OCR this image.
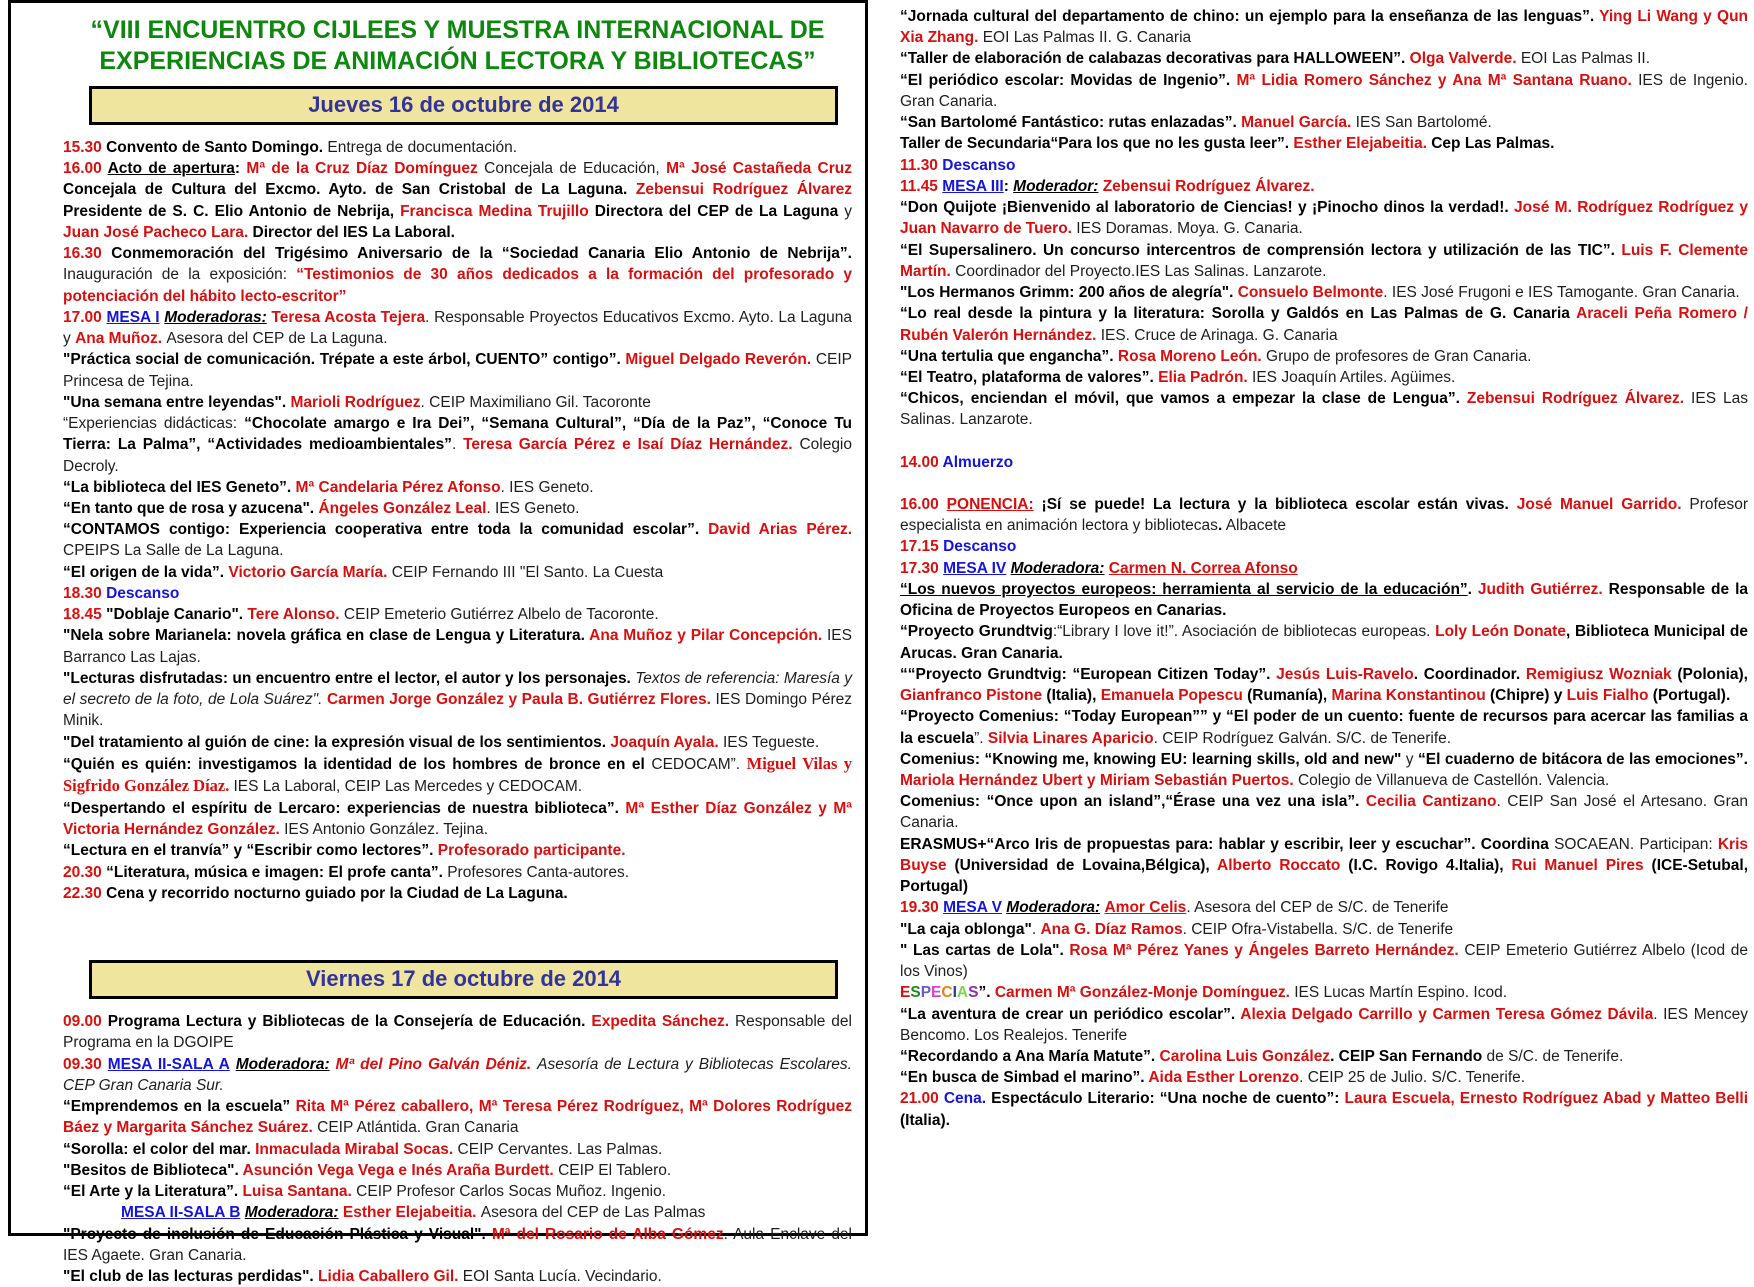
“VIII ENCUENTRO CIJLEES Y MUESTRA INTERNACIONAL DE
EXPERIENCIAS DE ANIMACIÓN LECTORA Y BIBLIOTECAS”
Jueves 16 de octubre de 2014
15.30 Convento de Santo Domingo. Entrega de documentación.
16.00 Acto de apertura: Mª de la Cruz Díaz Domínguez Concejala de Educación, Mª José Castañeda Cruz Concejala de Cultura del Excmo. Ayto. de San Cristobal de La Laguna. Zebensui Rodríguez Álvarez Presidente de S. C. Elio Antonio de Nebrija, Francisca Medina Trujillo Directora del CEP de La Laguna y Juan José Pacheco Lara. Director del IES La Laboral.
16.30 Conmemoración del Trigésimo Aniversario de la “Sociedad Canaria Elio Antonio de Nebrija”. Inauguración de la exposición: “Testimonios de 30 años dedicados a la formación del profesorado y potenciación del hábito lecto-escritor”
17.00 MESA I Moderadoras: Teresa Acosta Tejera. Responsable Proyectos Educativos Excmo. Ayto. La Laguna y Ana Muñoz. Asesora del CEP de La Laguna.
"Práctica social de comunicación. Trépate a este árbol, CUENTO” contigo”. Miguel Delgado Reverón. CEIP Princesa de Tejina.
"Una semana entre leyendas". Marioli Rodríguez. CEIP Maximiliano Gil. Tacoronte
“Experiencias didácticas: “Chocolate amargo e Ira Dei”, “Semana Cultural”, “Día de la Paz”, “Conoce Tu Tierra: La Palma”, “Actividades medioambientales”. Teresa García Pérez e Isaí Díaz Hernández. Colegio Decroly.
“La biblioteca del IES Geneto”. Mª Candelaria Pérez Afonso. IES Geneto.
“En tanto que de rosa y azucena". Ángeles González Leal. IES Geneto.
“CONTAMOS contigo: Experiencia cooperativa entre toda la comunidad escolar”. David Arias Pérez. CPEIPS La Salle de La Laguna.
“El origen de la vida”. Victorio García María. CEIP Fernando III "El Santo. La Cuesta
18.30 Descanso
18.45 "Doblaje Canario". Tere Alonso. CEIP Emeterio Gutiérrez Albelo de Tacoronte.
"Nela sobre Marianela: novela gráfica en clase de Lengua y Literatura. Ana Muñoz y Pilar Concepción. IES Barranco Las Lajas.
"Lecturas disfrutadas: un encuentro entre el lector, el autor y los personajes. Textos de referencia: Maresía y el secreto de la foto, de Lola Suárez". Carmen Jorge González y Paula B. Gutiérrez Flores. IES Domingo Pérez Minik.
"Del tratamiento al guión de cine: la expresión visual de los sentimientos. Joaquín Ayala. IES Tegueste.
“Quién es quién: investigamos la identidad de los hombres de bronce en el CEDOCAM”. Miguel Vilas y Sigfrido González Díaz. IES La Laboral, CEIP Las Mercedes y CEDOCAM.
“Despertando el espíritu de Lercaro: experiencias de nuestra biblioteca”. Mª Esther Díaz González y Mª Victoria Hernández González. IES Antonio González. Tejina.
“Lectura en el tranvía” y “Escribir como lectores”. Profesorado participante.
20.30 “Literatura, música e imagen: El profe canta”. Profesores Canta-autores.
22.30 Cena y recorrido nocturno guiado por la Ciudad de La Laguna.
Viernes 17 de octubre de 2014
09.00 Programa Lectura y Bibliotecas de la Consejería de Educación. Expedita Sánchez. Responsable del Programa en la DGOIPE
09.30 MESA II-SALA A Moderadora: Mª del Pino Galván Déniz. Asesoría de Lectura y Bibliotecas Escolares. CEP Gran Canaria Sur.
“Emprendemos en la escuela” Rita Mª Pérez caballero, Mª Teresa Pérez Rodríguez, Mª Dolores Rodríguez Báez y Margarita Sánchez Suárez. CEIP Atlántida. Gran Canaria
“Sorolla: el color del mar. Inmaculada Mirabal Socas. CEIP Cervantes. Las Palmas.
"Besitos de Biblioteca". Asunción Vega Vega e Inés Araña Burdett. CEIP El Tablero.
“El Arte y la Literatura”. Luisa Santana. CEIP Profesor Carlos Socas Muñoz. Ingenio.
MESA II-SALA B Moderadora: Esther Elejabeitia. Asesora del CEP de Las Palmas
"Proyecto de inclusión de Educación Plástica y Visual". Mª del Rosario de Alba Gómez. Aula Enclave del IES Agaete. Gran Canaria.
"El club de las lecturas perdidas". Lidia Caballero Gil. EOI Santa Lucía. Vecindario.
“Jornada cultural del departamento de chino: un ejemplo para la enseñanza de las lenguas”. Ying Li Wang y Qun Xia Zhang. EOI Las Palmas II. G. Canaria
“Taller de elaboración de calabazas decorativas para HALLOWEEN”. Olga Valverde. EOI Las Palmas II.
“El periódico escolar: Movidas de Ingenio”. Mª Lidia Romero Sánchez y Ana Mª Santana Ruano. IES de Ingenio. Gran Canaria.
“San Bartolomé Fantástico: rutas enlazadas”. Manuel García. IES San Bartolomé.
Taller de Secundaria“Para los que no les gusta leer”. Esther Elejabeitia. Cep Las Palmas.
11.30 Descanso
11.45 MESA III: Moderador: Zebensui Rodríguez Álvarez.
“Don Quijote ¡Bienvenido al laboratorio de Ciencias! y ¡Pinocho dinos la verdad!. José M. Rodríguez Rodríguez y Juan Navarro de Tuero. IES Doramas. Moya. G. Canaria.
“El Supersalinero. Un concurso intercentros de comprensión lectora y utilización de las TIC”. Luis F. Clemente Martín. Coordinador del Proyecto.IES Las Salinas. Lanzarote.
"Los Hermanos Grimm: 200 años de alegría". Consuelo Belmonte. IES José Frugoni e IES Tamogante. Gran Canaria.
“Lo real desde la pintura y la literatura: Sorolla y Galdós en Las Palmas de G. Canaria Araceli Peña Romero / Rubén Valerón Hernández. IES. Cruce de Arinaga. G. Canaria
“Una tertulia que engancha”. Rosa Moreno León. Grupo de profesores de Gran Canaria.
“El Teatro, plataforma de valores”. Elia Padrón. IES Joaquín Artiles. Agüimes.
“Chicos, enciendan el móvil, que vamos a empezar la clase de Lengua”. Zebensui Rodríguez Álvarez. IES Las Salinas. Lanzarote.
14.00 Almuerzo
16.00 PONENCIA: ¡Sí se puede! La lectura y la biblioteca escolar están vivas. José Manuel Garrido. Profesor especialista en animación lectora y bibliotecas. Albacete
17.15 Descanso
17.30 MESA IV Moderadora: Carmen N. Correa Afonso
“Los nuevos proyectos europeos: herramienta al servicio de la educación”. Judith Gutiérrez. Responsable de la Oficina de Proyectos Europeos en Canarias.
“Proyecto Grundtvig:“Library I love it!”. Asociación de bibliotecas europeas. Loly León Donate, Biblioteca Municipal de Arucas. Gran Canaria.
““Proyecto Grundtvig: “European Citizen Today”. Jesús Luis-Ravelo. Coordinador. Remigiusz Wozniak (Polonia), Gianfranco Pistone (Italia), Emanuela Popescu (Rumanía), Marina Konstantinou (Chipre) y Luis Fialho (Portugal).
“Proyecto Comenius: “Today European”” y “El poder de un cuento: fuente de recursos para acercar las familias a la escuela”. Silvia Linares Aparicio. CEIP Rodríguez Galván. S/C. de Tenerife.
Comenius: “Knowing me, knowing EU: learning skills, old and new" y “El cuaderno de bitácora de las emociones”. Mariola Hernández Ubert y Miriam Sebastián Puertos. Colegio de Villanueva de Castellón. Valencia.
Comenius: “Once upon an island”,“Érase una vez una isla”. Cecilia Cantizano. CEIP San José el Artesano. Gran Canaria.
ERASMUS+“Arco Iris de propuestas para: hablar y escribir, leer y escuchar”. Coordina SOCAEAN. Participan: Kris Buyse (Universidad de Lovaina,Bélgica), Alberto Roccato (I.C. Rovigo 4.Italia), Rui Manuel Pires (ICE-Setubal, Portugal)
19.30 MESA V Moderadora: Amor Celis. Asesora del CEP de S/C. de Tenerife
"La caja oblonga". Ana G. Díaz Ramos. CEIP Ofra-Vistabella. S/C. de Tenerife
" Las cartas de Lola". Rosa Mª Pérez Yanes y Ángeles Barreto Hernández. CEIP Emeterio Gutiérrez Albelo (Icod de los Vinos)
ESPECIAS”. Carmen Mª González-Monje Domínguez. IES Lucas Martín Espino. Icod.
“La aventura de crear un periódico escolar”. Alexia Delgado Carrillo y Carmen Teresa Gómez Dávila. IES Mencey Bencomo. Los Realejos. Tenerife
“Recordando a Ana María Matute”. Carolina Luis González. CEIP San Fernando de S/C. de Tenerife.
“En busca de Simbad el marino”. Aida Esther Lorenzo. CEIP 25 de Julio. S/C. Tenerife.
21.00 Cena. Espectáculo Literario: “Una noche de cuento”: Laura Escuela, Ernesto Rodríguez Abad y Matteo Belli (Italia).
